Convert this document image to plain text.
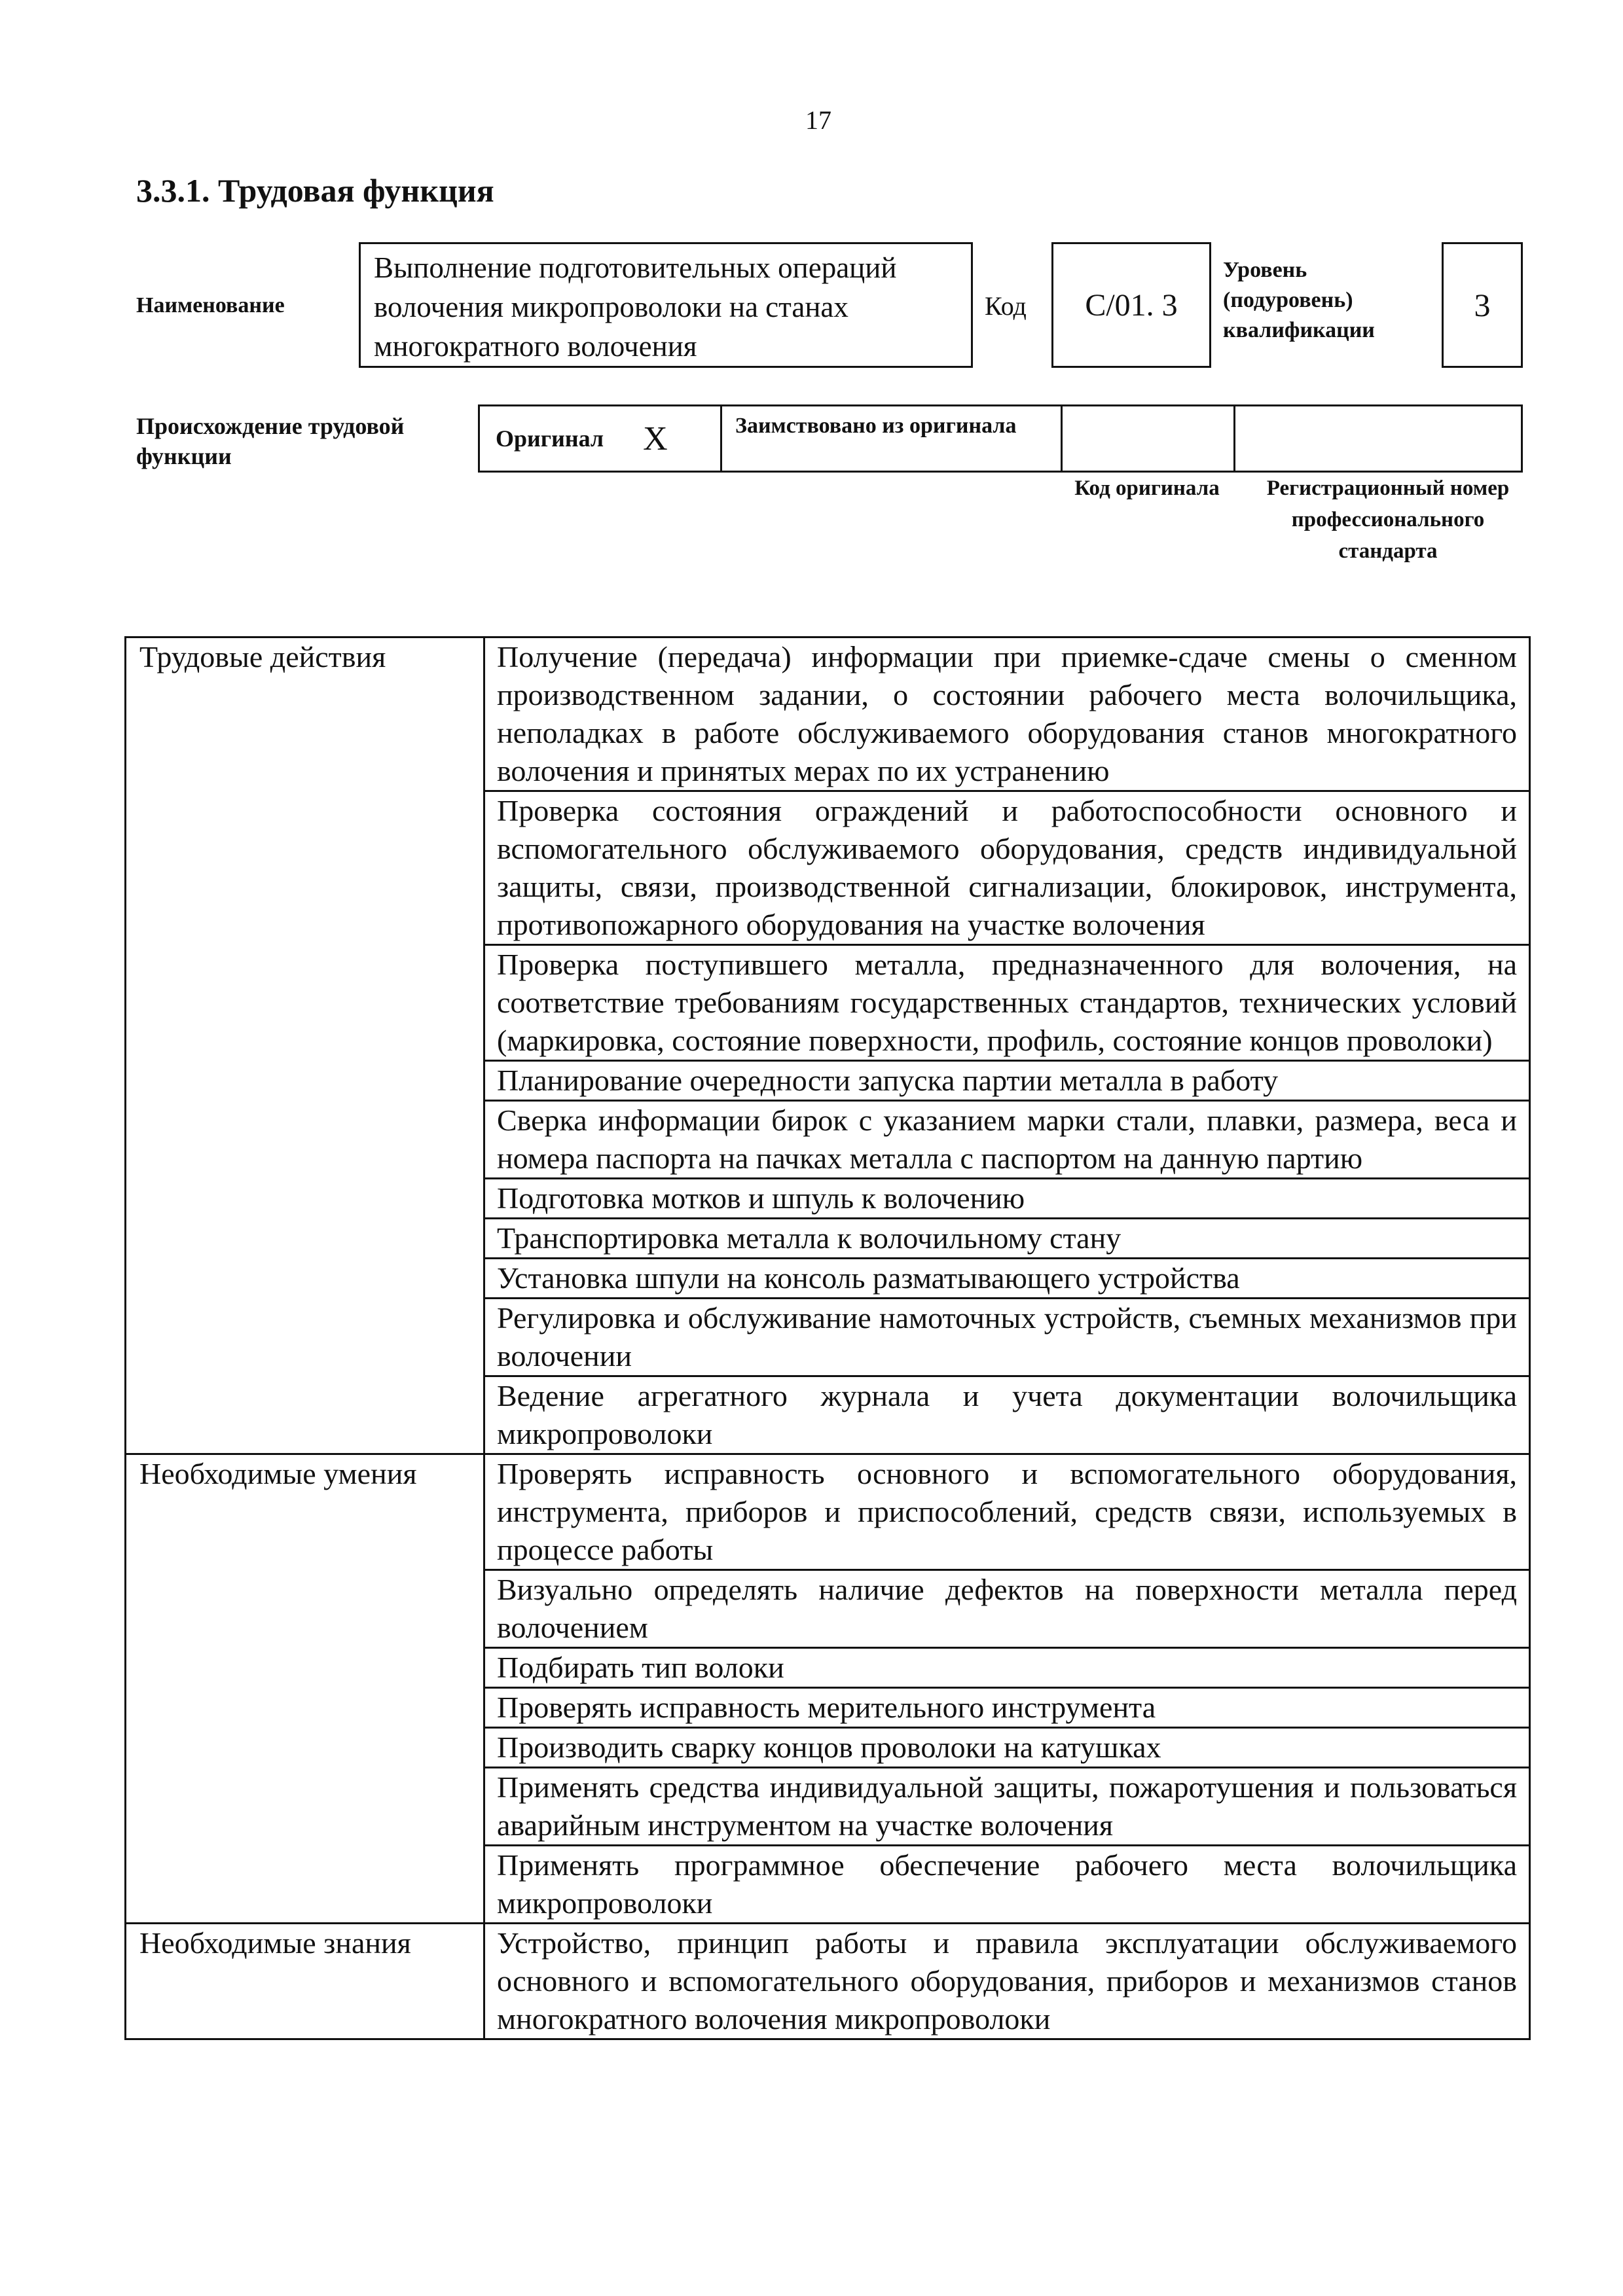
17
3.3.1. Трудовая функция
Наименование
Выполнение подготовительных операций волочения микропроволоки на станах многократного волочения
Код	С/01. 3
Уровень (подуровень) квалификации
3
Происхождение трудовой функции
Оригинал X	Заимствовано из оригинала
Код оригинала	Регистрационный номер профессионального стандарта
Трудовые действия	Получение (передача) информации при приемке-сдаче смены о сменном производственном задании, о состоянии рабочего места волочильщика, неполадках в работе обслуживаемого оборудования станов многократного волочения и принятых мерах по их устранению
	Проверка состояния ограждений и работоспособности основного и вспомогательного обслуживаемого оборудования, средств индивидуальной защиты, связи, производственной сигнализации, блокировок, инструмента, противопожарного оборудования на участке волочения
	Проверка поступившего металла, предназначенного для волочения, на соответствие требованиям государственных стандартов, технических условий (маркировка, состояние поверхности, профиль, состояние концов проволоки)
	Планирование очередности запуска партии металла в работу
	Сверка информации бирок с указанием марки стали, плавки, размера, веса и номера паспорта на пачках металла с паспортом на данную партию
	Подготовка мотков и шпуль к волочению
	Транспортировка металла к волочильному стану
	Установка шпули на консоль разматывающего устройства
	Регулировка и обслуживание намоточных устройств, съемных механизмов при волочении
	Ведение агрегатного журнала и учета документации волочильщика микропроволоки
Необходимые умения	Проверять исправность основного и вспомогательного оборудования, инструмента, приборов и приспособлений, средств связи, используемых в процессе работы
	Визуально определять наличие дефектов на поверхности металла перед волочением
	Подбирать тип волоки
	Проверять исправность мерительного инструмента
	Производить сварку концов проволоки на катушках
	Применять средства индивидуальной защиты, пожаротушения и пользоваться аварийным инструментом на участке волочения
	Применять программное обеспечение рабочего места волочильщика микропроволоки
Необходимые знания	Устройство, принцип работы и правила эксплуатации обслуживаемого основного и вспомогательного оборудования, приборов и механизмов станов многократного волочения микропроволоки
